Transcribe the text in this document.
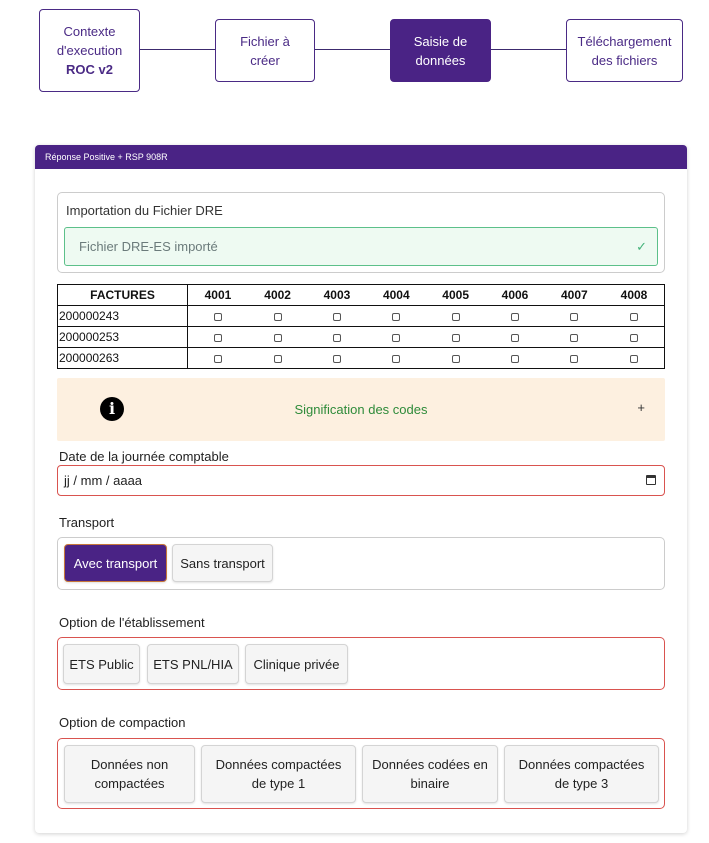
Contexte
d'execution
ROC v2
Fichier à
créer
Saisie de
données
Téléchargement
des fichiers
Réponse Positive + RSP 908R
Importation du Fichier DRE
Fichier DRE-ES importé	✓
FACTURES	4001	4002	4003	4004	4005	4006	4007	4008
200000243								
200000253								
200000263								
i	Signification des codes	+
Date de la journée comptable
jj / mm / aaaa
Transport
Avec transport	Sans transport
Option de l'établissement
ETS Public	ETS PNL/HIA	Clinique privée
Option de compaction
Données non
compactées
Données compactées
de type 1
Données codées en
binaire
Données compactées
de type 3
